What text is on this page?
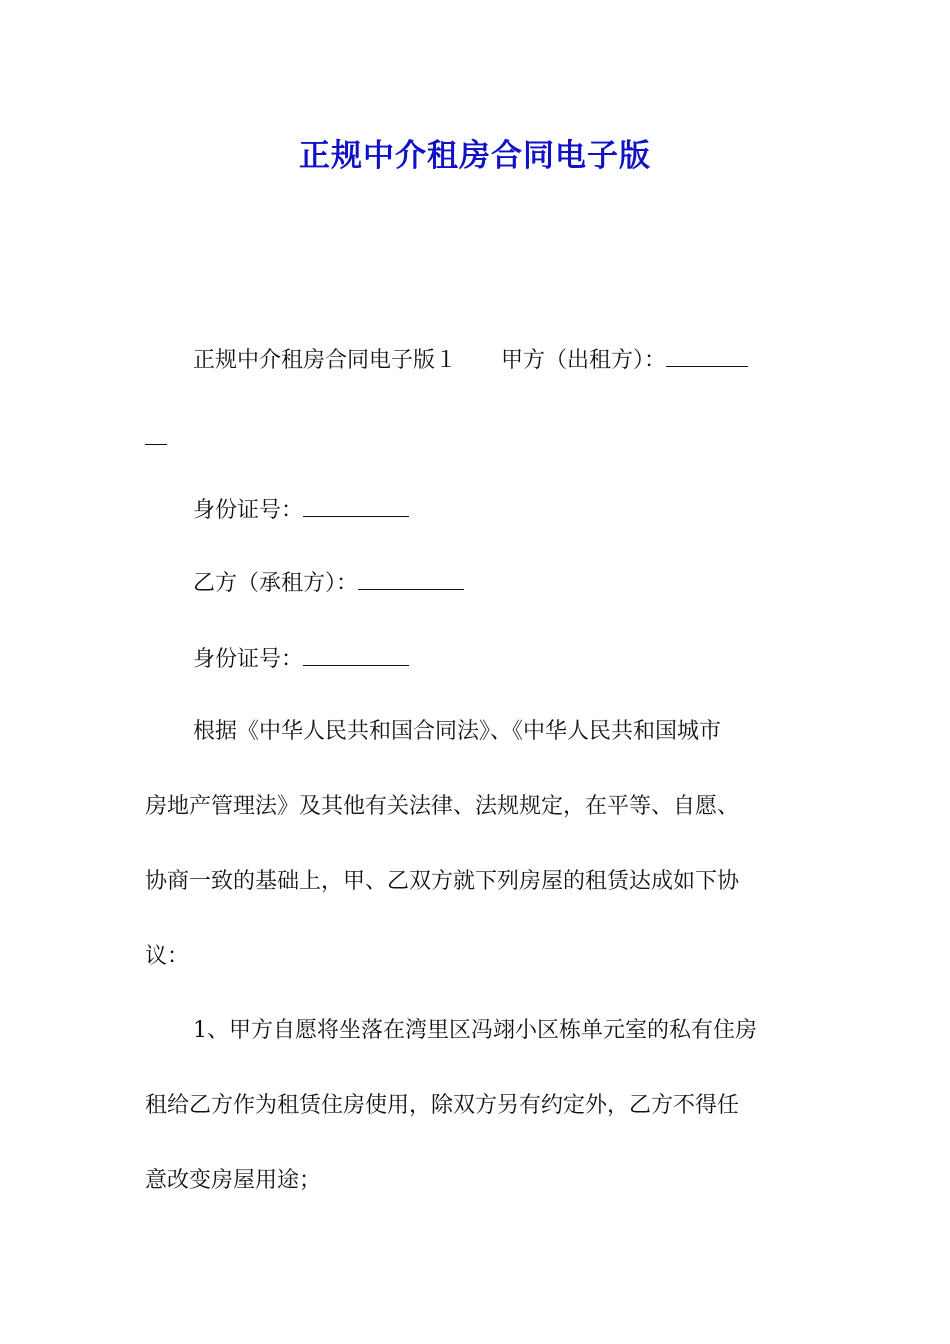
正规中介租房合同电子版

正规中介租房合同电子版１ 甲方（出租方）：

身份证号：

乙方（承租方）：

身份证号：

根据《中华人民共和国合同法》、《中华人民共和国城市

房地产管理法》及其他有关法律、法规规定，在平等、自愿、

协商一致的基础上，甲、乙双方就下列房屋的租赁达成如下协

议：

1、甲方自愿将坐落在湾里区冯翊小区栋单元室的私有住房

租给乙方作为租赁住房使用，除双方另有约定外，乙方不得任

意改变房屋用途；
